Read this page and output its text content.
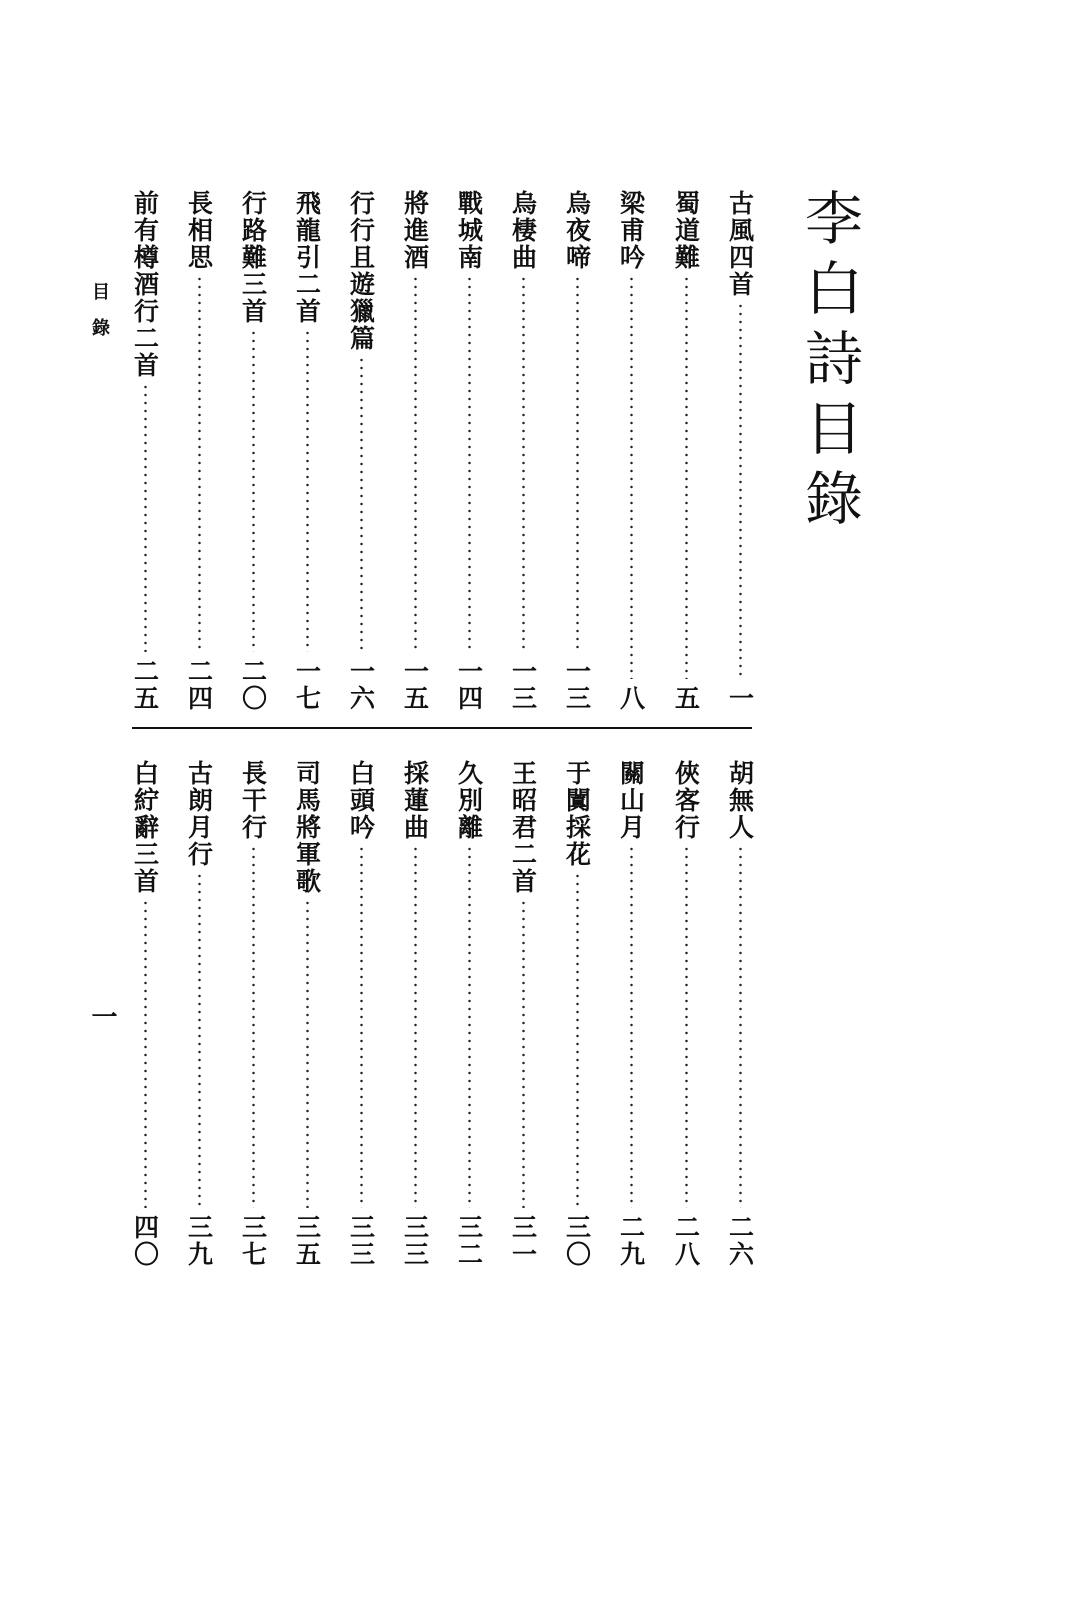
李白詩目錄
目錄
一
古風四首
一
蜀道難
五
梁甫吟
八
烏夜啼
一三
烏棲曲
一三
戰城南
一四
將進酒
一五
行行且遊獵篇
一六
飛龍引二首
一七
行路難三首
二〇
長相思
二四
前有樽酒行二首
二五
胡無人
二六
俠客行
二八
關山月
二九
于闐採花
三〇
王昭君二首
三一
久別離
三二
採蓮曲
三三
白頭吟
三三
司馬將軍歌
三五
長干行
三七
古朗月行
三九
白紵辭三首
四〇
